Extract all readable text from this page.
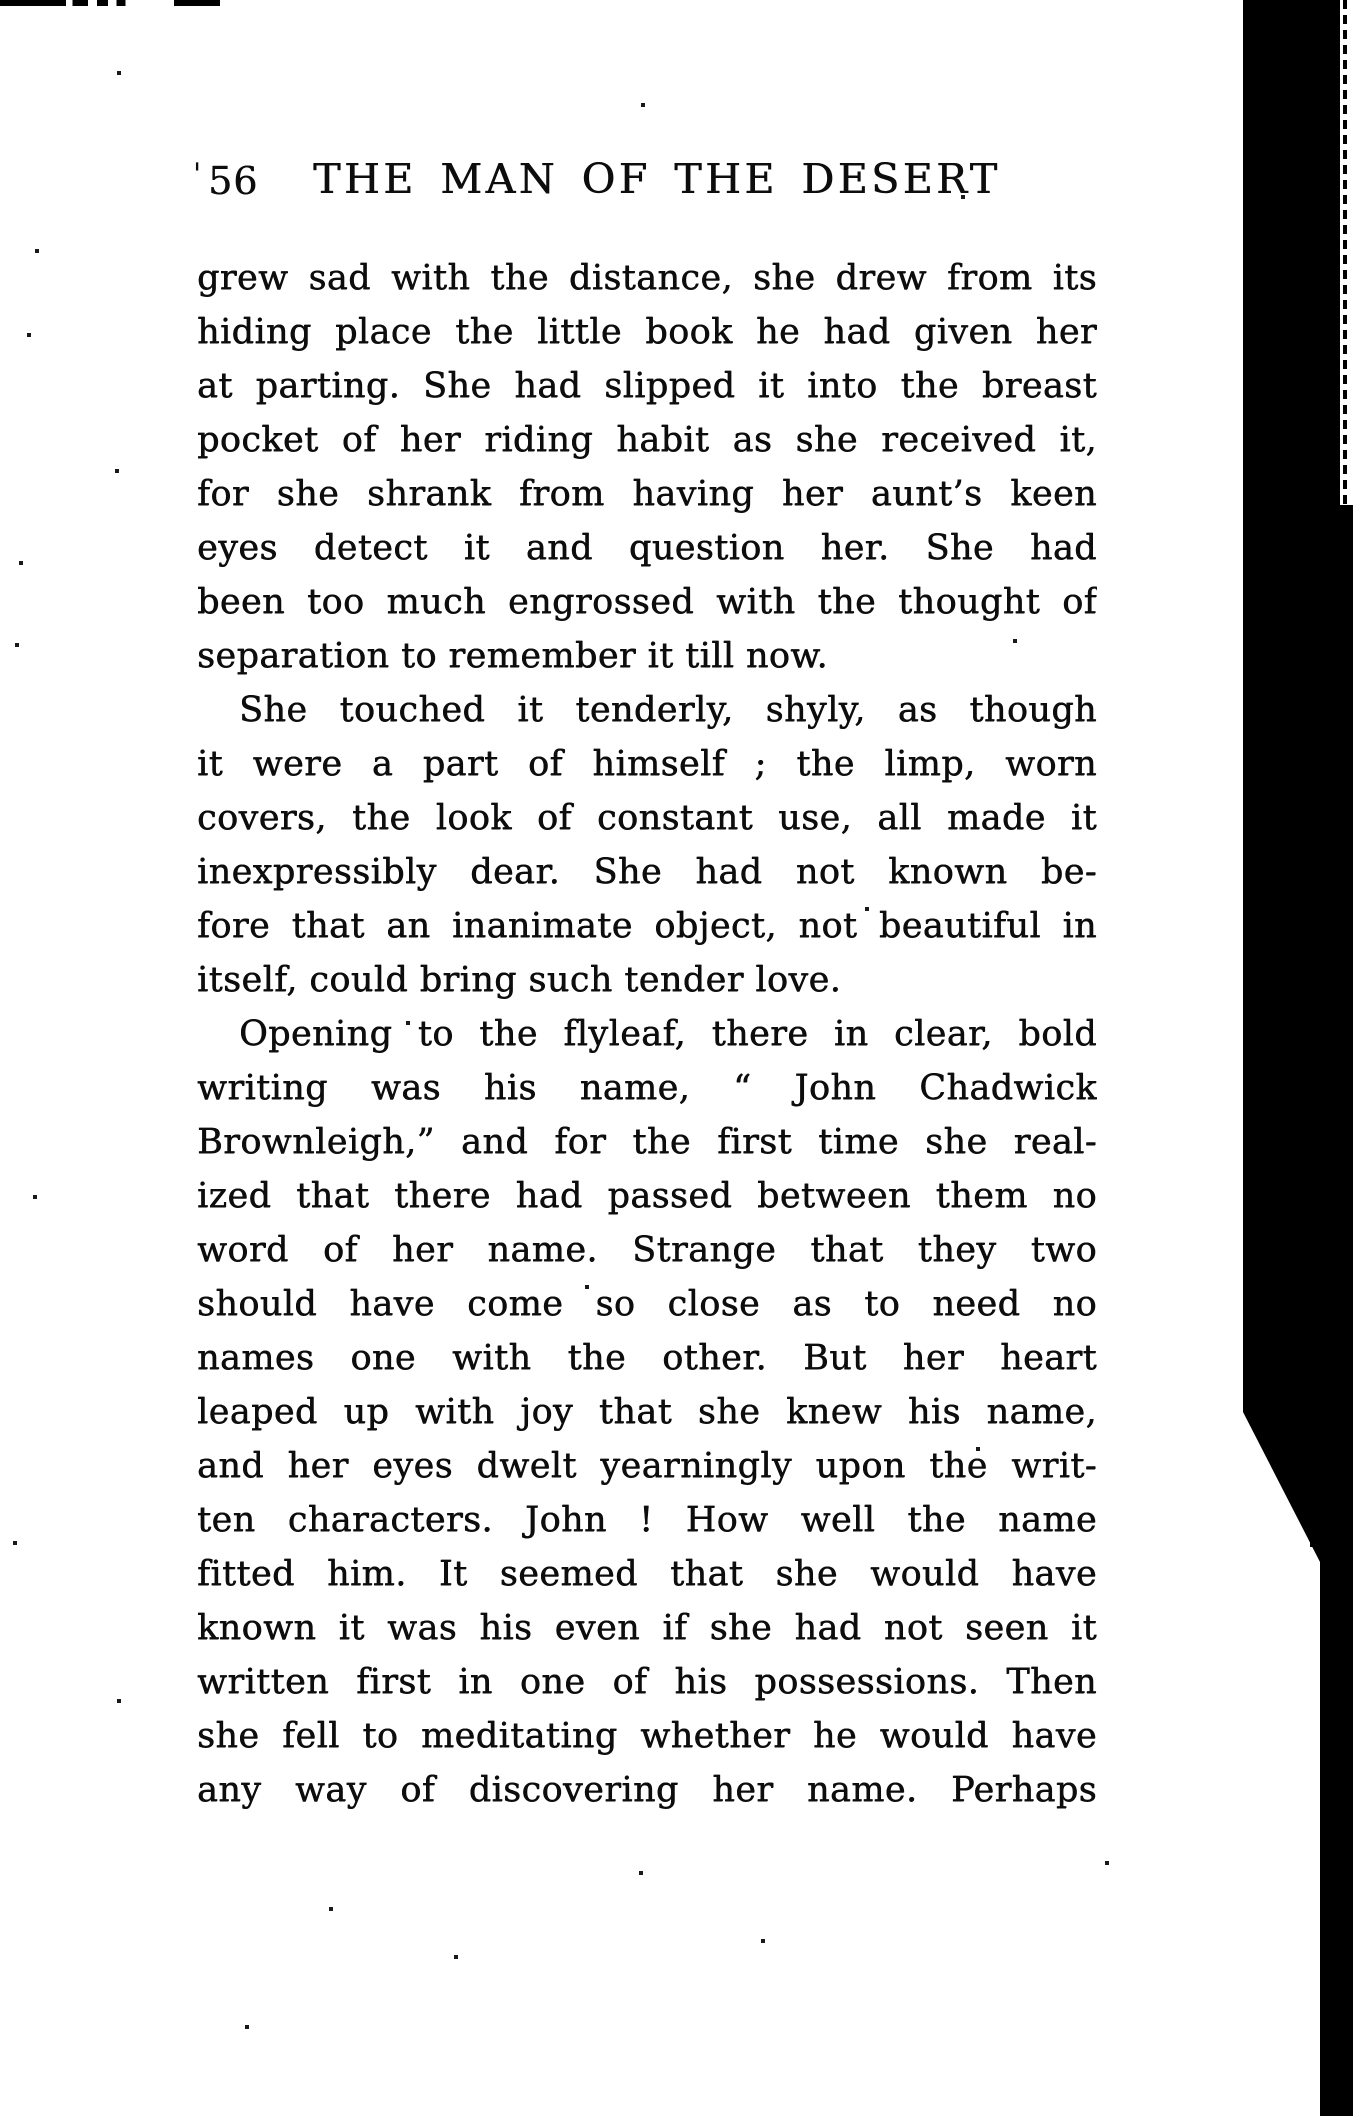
' 56 THE MAN OF THE DESERT
grew sad with the distance, she drew from its
hiding place the little book he had given her
at parting. She had slipped it into the breast
pocket of her riding habit as she received it,
for she shrank from having her aunt’s keen
eyes detect it and question her. She had
been too much engrossed with the thought of
separation to remember it till now.
She touched it tenderly, shyly, as though
it were a part of himself ; the limp, worn
covers, the look of constant use, all made it
inexpressibly dear. She had not known be-
fore that an inanimate object, not beautiful in
itself, could bring such tender love.
Opening to the flyleaf, there in clear, bold
writing was his name, “ John Chadwick
Brownleigh,” and for the first time she real-
ized that there had passed between them no
word of her name. Strange that they two
should have come so close as to need no
names one with the other. But her heart
leaped up with joy that she knew his name,
and her eyes dwelt yearningly upon the writ-
ten characters. John ! How well the name
fitted him. It seemed that she would have
known it was his even if she had not seen it
written first in one of his possessions. Then
she fell to meditating whether he would have
any way of discovering her name. Perhaps
